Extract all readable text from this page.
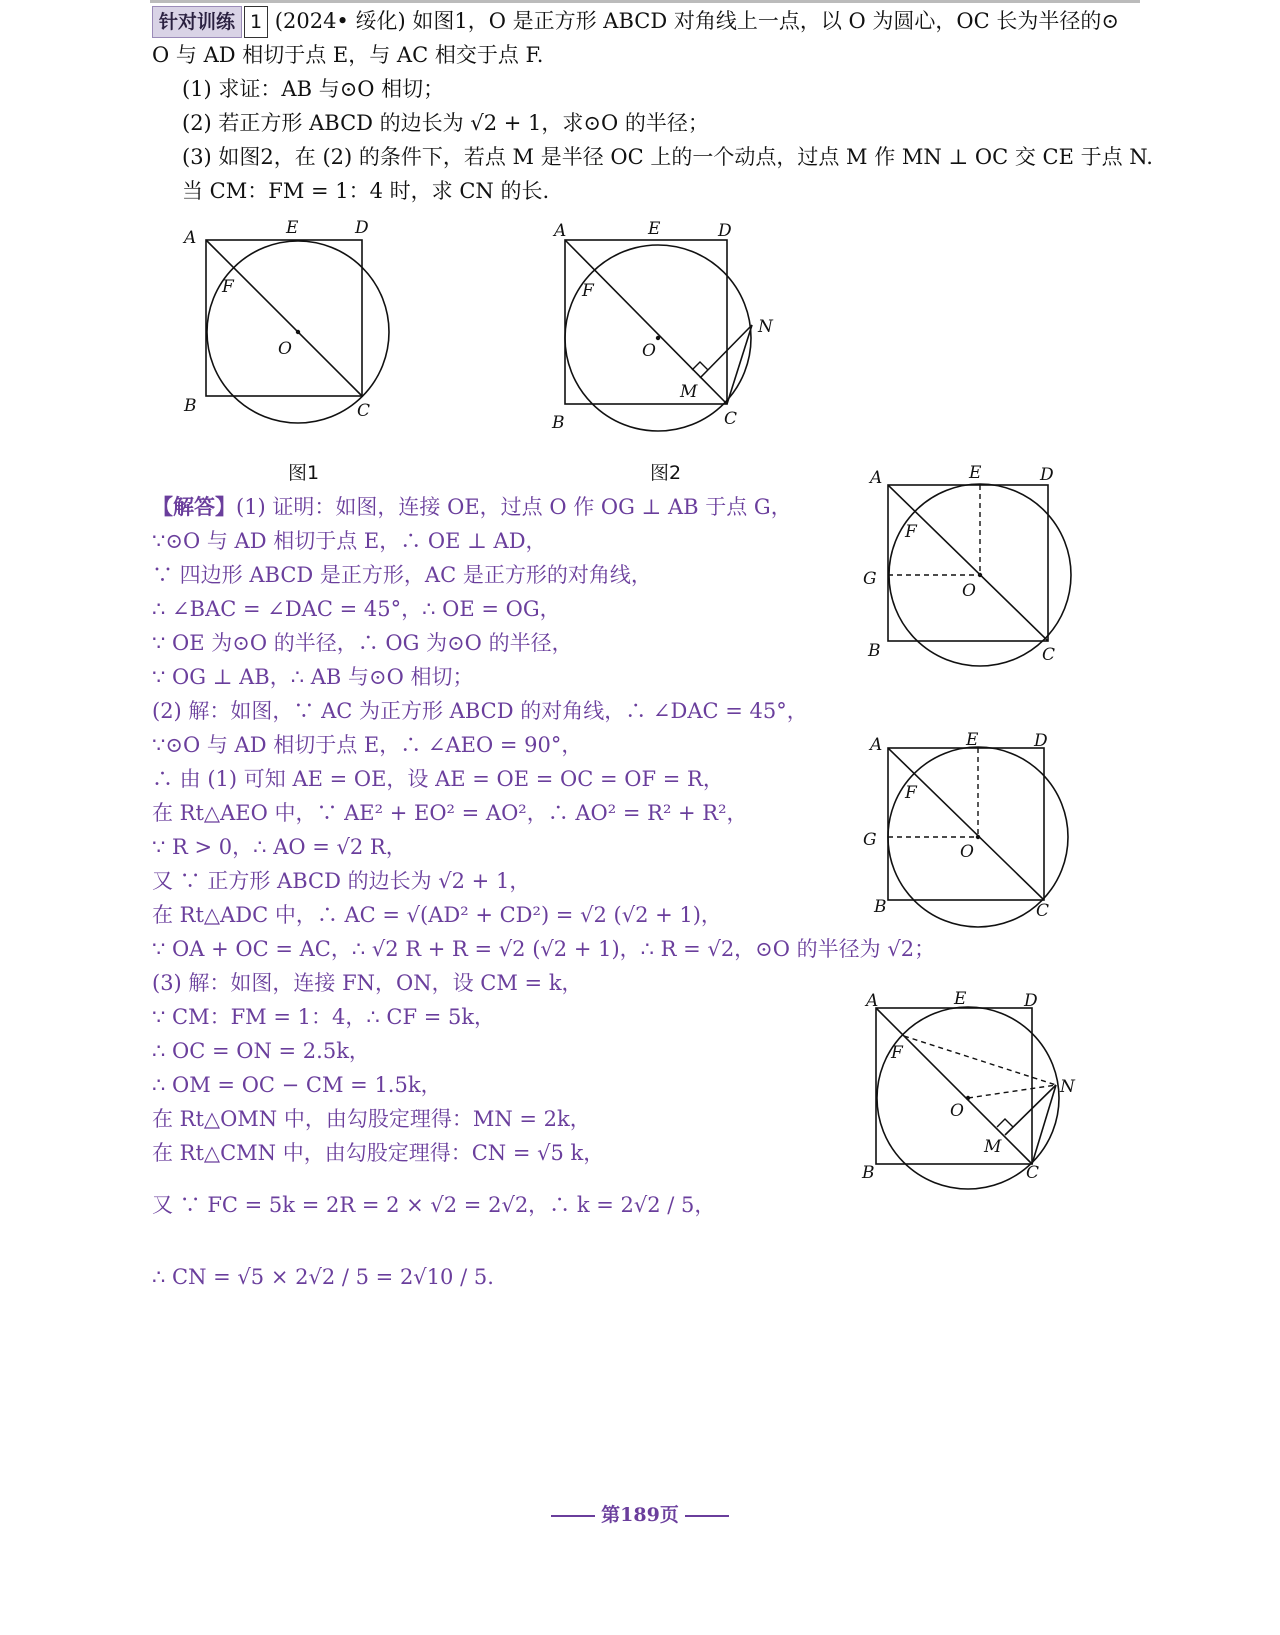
针对训练 1 (2024• 绥化) 如图1，O 是正方形 ABCD 对角线上一点，以 O 为圆心，OC 长为半径的⊙
O 与 AD 相切于点 E，与 AC 相交于点 F.
(1) 求证：AB 与⊙O 相切；
(2) 若正方形 ABCD 的边长为 √2 + 1，求⊙O 的半径；
(3) 如图2，在 (2) 的条件下，若点 M 是半径 OC 上的一个动点，过点 M 作 MN ⊥ OC 交 CE 于点 N.
当 CM：FM = 1：4 时，求 CN 的长.
A	E	D
F
O
B	C
图1
A	E	D
F
O
M
N
B	C
图2
【解答】(1) 证明：如图，连接 OE，过点 O 作 OG ⊥ AB 于点 G，
∵⊙O 与 AD 相切于点 E，∴ OE ⊥ AD，
∵ 四边形 ABCD 是正方形，AC 是正方形的对角线，
∴ ∠BAC = ∠DAC = 45°，∴ OE = OG，
∵ OE 为⊙O 的半径，∴ OG 为⊙O 的半径，
∵ OG ⊥ AB，∴ AB 与⊙O 相切；
(2) 解：如图，∵ AC 为正方形 ABCD 的对角线，∴ ∠DAC = 45°，
∵⊙O 与 AD 相切于点 E，∴ ∠AEO = 90°，
∴ 由 (1) 可知 AE = OE，设 AE = OE = OC = OF = R，
在 Rt△AEO 中，∵ AE² + EO² = AO²，∴ AO² = R² + R²，
∵ R > 0，∴ AO = √2 R，
又 ∵ 正方形 ABCD 的边长为 √2 + 1，
在 Rt△ADC 中，∴ AC = √(AD² + CD²) = √2 (√2 + 1)，
∵ OA + OC = AC，∴ √2 R + R = √2 (√2 + 1)，∴ R = √2，⊙O 的半径为 √2；
(3) 解：如图，连接 FN，ON，设 CM = k，
∵ CM：FM = 1：4，∴ CF = 5k，
∴ OC = ON = 2.5k，
∴ OM = OC − CM = 1.5k，
在 Rt△OMN 中，由勾股定理得：MN = 2k，
在 Rt△CMN 中，由勾股定理得：CN = √5 k，
又 ∵ FC = 5k = 2R = 2 × √2 = 2√2，∴ k = 2√2 / 5，
∴ CN = √5 × 2√2 / 5 = 2√10 / 5.
A	E	D
F
G
O
B	C
A	E	D
F
G
O
B	C
A	E	D
F
N
O
M
B	C
第189页
